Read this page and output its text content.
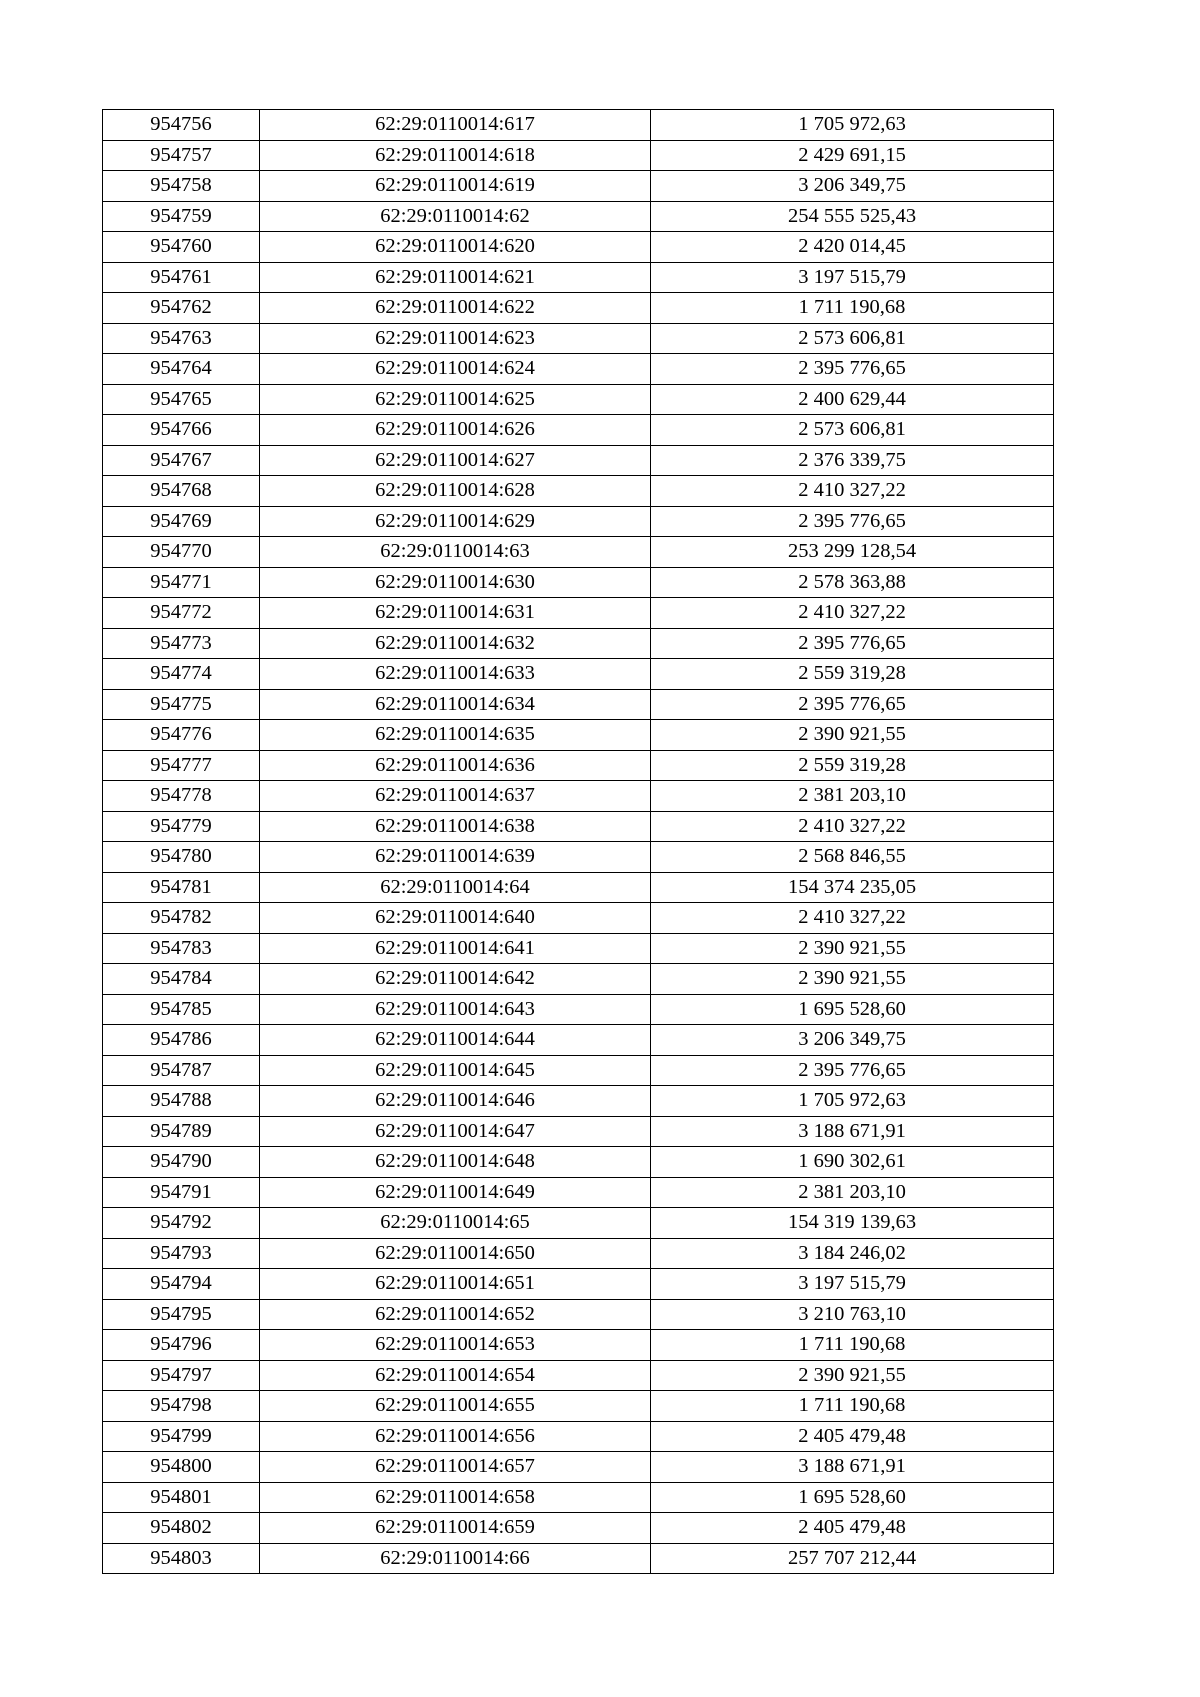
954756	62:29:0110014:617	1 705 972,63
954757	62:29:0110014:618	2 429 691,15
954758	62:29:0110014:619	3 206 349,75
954759	62:29:0110014:62	254 555 525,43
954760	62:29:0110014:620	2 420 014,45
954761	62:29:0110014:621	3 197 515,79
954762	62:29:0110014:622	1 711 190,68
954763	62:29:0110014:623	2 573 606,81
954764	62:29:0110014:624	2 395 776,65
954765	62:29:0110014:625	2 400 629,44
954766	62:29:0110014:626	2 573 606,81
954767	62:29:0110014:627	2 376 339,75
954768	62:29:0110014:628	2 410 327,22
954769	62:29:0110014:629	2 395 776,65
954770	62:29:0110014:63	253 299 128,54
954771	62:29:0110014:630	2 578 363,88
954772	62:29:0110014:631	2 410 327,22
954773	62:29:0110014:632	2 395 776,65
954774	62:29:0110014:633	2 559 319,28
954775	62:29:0110014:634	2 395 776,65
954776	62:29:0110014:635	2 390 921,55
954777	62:29:0110014:636	2 559 319,28
954778	62:29:0110014:637	2 381 203,10
954779	62:29:0110014:638	2 410 327,22
954780	62:29:0110014:639	2 568 846,55
954781	62:29:0110014:64	154 374 235,05
954782	62:29:0110014:640	2 410 327,22
954783	62:29:0110014:641	2 390 921,55
954784	62:29:0110014:642	2 390 921,55
954785	62:29:0110014:643	1 695 528,60
954786	62:29:0110014:644	3 206 349,75
954787	62:29:0110014:645	2 395 776,65
954788	62:29:0110014:646	1 705 972,63
954789	62:29:0110014:647	3 188 671,91
954790	62:29:0110014:648	1 690 302,61
954791	62:29:0110014:649	2 381 203,10
954792	62:29:0110014:65	154 319 139,63
954793	62:29:0110014:650	3 184 246,02
954794	62:29:0110014:651	3 197 515,79
954795	62:29:0110014:652	3 210 763,10
954796	62:29:0110014:653	1 711 190,68
954797	62:29:0110014:654	2 390 921,55
954798	62:29:0110014:655	1 711 190,68
954799	62:29:0110014:656	2 405 479,48
954800	62:29:0110014:657	3 188 671,91
954801	62:29:0110014:658	1 695 528,60
954802	62:29:0110014:659	2 405 479,48
954803	62:29:0110014:66	257 707 212,44
